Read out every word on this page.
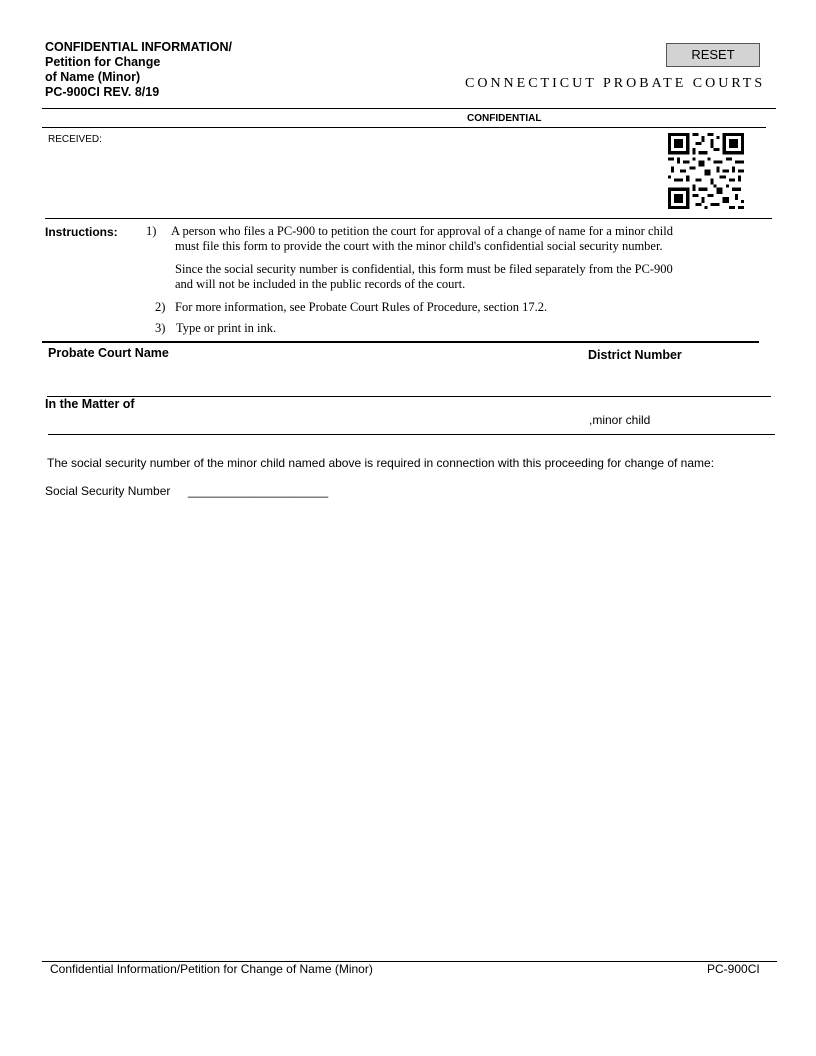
CONFIDENTIAL INFORMATION/
Petition for Change
of Name (Minor)
PC-900CI REV. 8/19
RESET
CONNECTICUT PROBATE COURTS
CONFIDENTIAL
RECEIVED:
Instructions: 1) A person who files a PC-900 to petition the court for approval of a change of name for a minor child
must file this form to provide the court with the minor child's confidential social security number.
Since the social security number is confidential, this form must be filed separately from the PC-900
and will not be included in the public records of the court.
2) For more information, see Probate Court Rules of Procedure, section 17.2.
3) Type or print in ink.
Probate Court Name	District Number
In the Matter of
,minor child
The social security number of the minor child named above is required in connection with this proceeding for change of name:
Social Security Number _____________________
Confidential Information/Petition for Change of Name (Minor)	PC-900CI
